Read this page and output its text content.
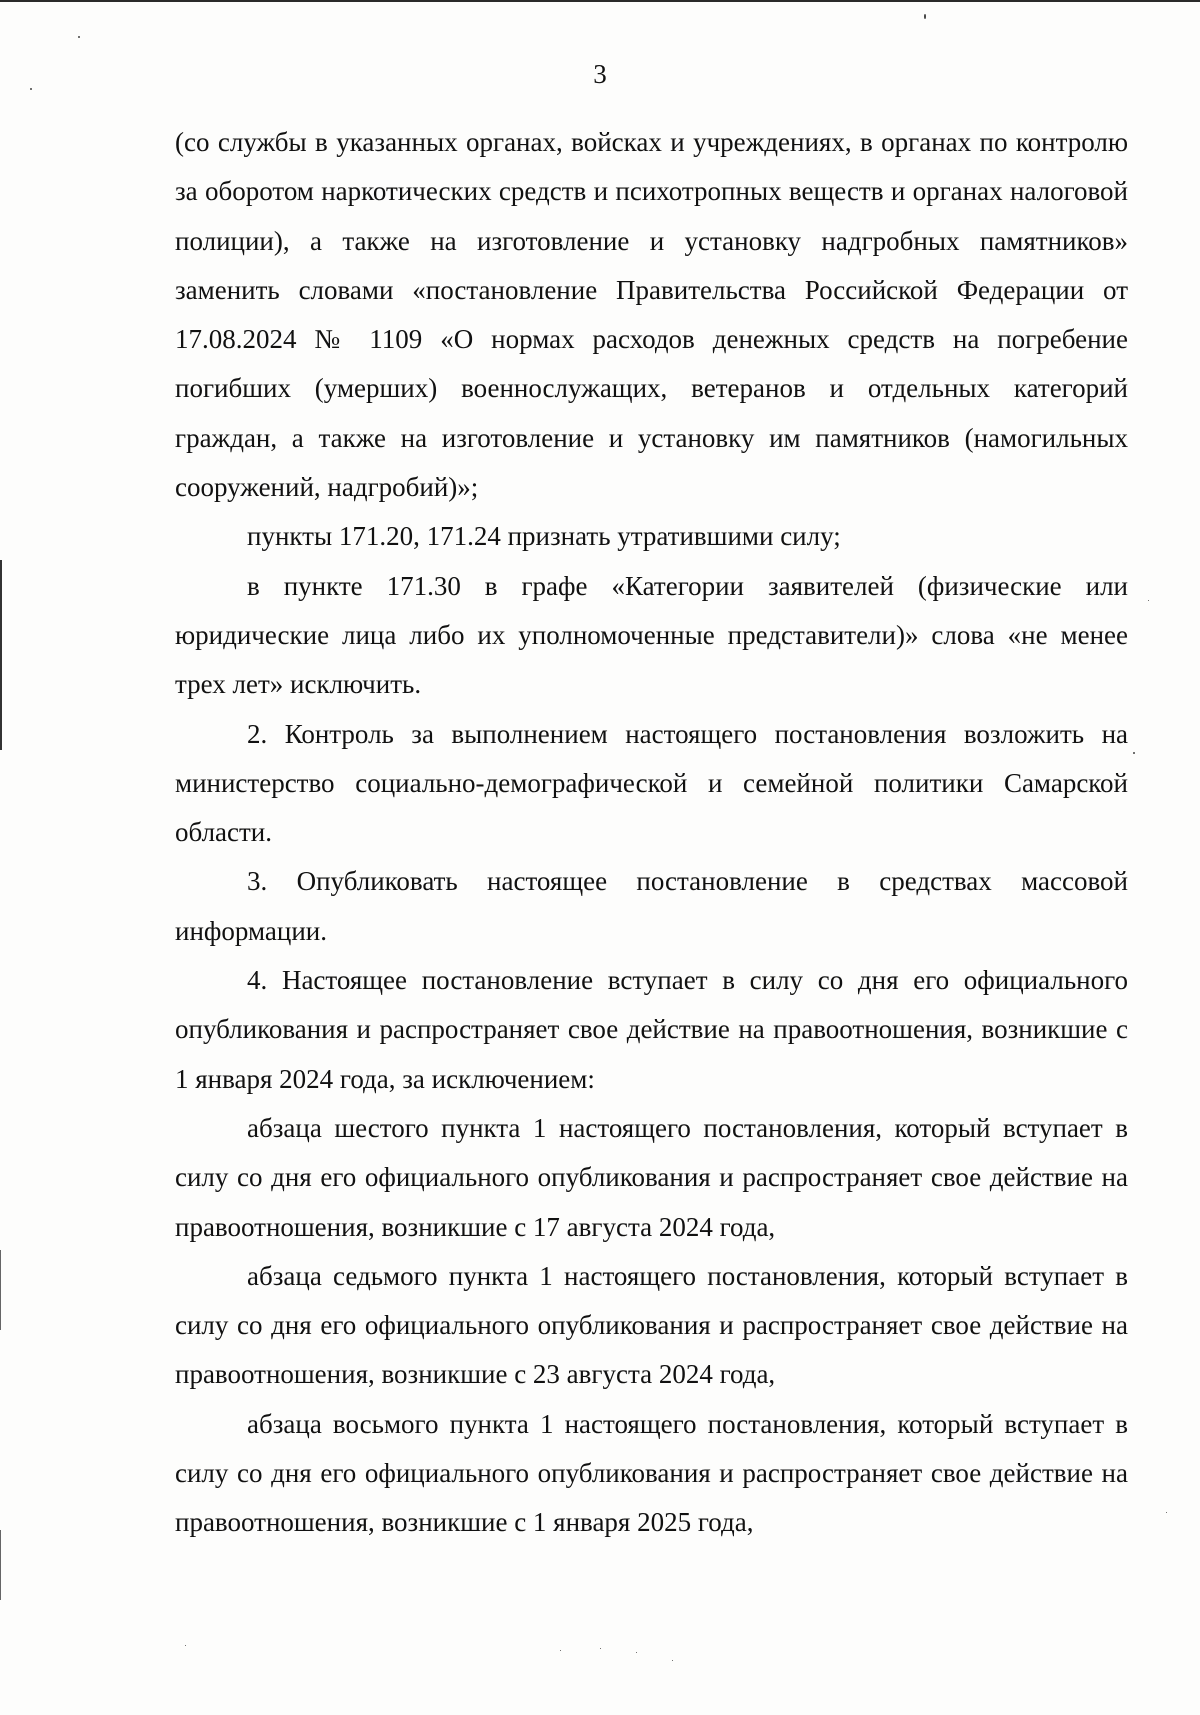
3

(со службы в указанных органах, войсках и учреждениях, в органах по контролю за оборотом наркотических средств и психотропных веществ и органах налоговой полиции), а также на изготовление и установку надгробных памятников» заменить словами «постановление Правительства Российской Федерации от 17.08.2024 № 1109 «О нормах расходов денежных средств на погребение погибших (умерших) военнослужащих, ветеранов и отдельных категорий граждан, а также на изготовление и установку им памятников (намогильных сооружений, надгробий)»;

пункты 171.20, 171.24 признать утратившими силу;

в пункте 171.30 в графе «Категории заявителей (физические или юридические лица либо их уполномоченные представители)» слова «не менее трех лет» исключить.

2. Контроль за выполнением настоящего постановления возложить на министерство социально-демографической и семейной политики Самарской области.

3. Опубликовать настоящее постановление в средствах массовой информации.

4. Настоящее постановление вступает в силу со дня его официального опубликования и распространяет свое действие на правоотношения, возникшие с 1 января 2024 года, за исключением:

абзаца шестого пункта 1 настоящего постановления, который вступает в силу со дня его официального опубликования и распространяет свое действие на правоотношения, возникшие с 17 августа 2024 года,

абзаца седьмого пункта 1 настоящего постановления, который вступает в силу со дня его официального опубликования и распространяет свое действие на правоотношения, возникшие с 23 августа 2024 года,

абзаца восьмого пункта 1 настоящего постановления, который вступает в силу со дня его официального опубликования и распространяет свое действие на правоотношения, возникшие с 1 января 2025 года,
